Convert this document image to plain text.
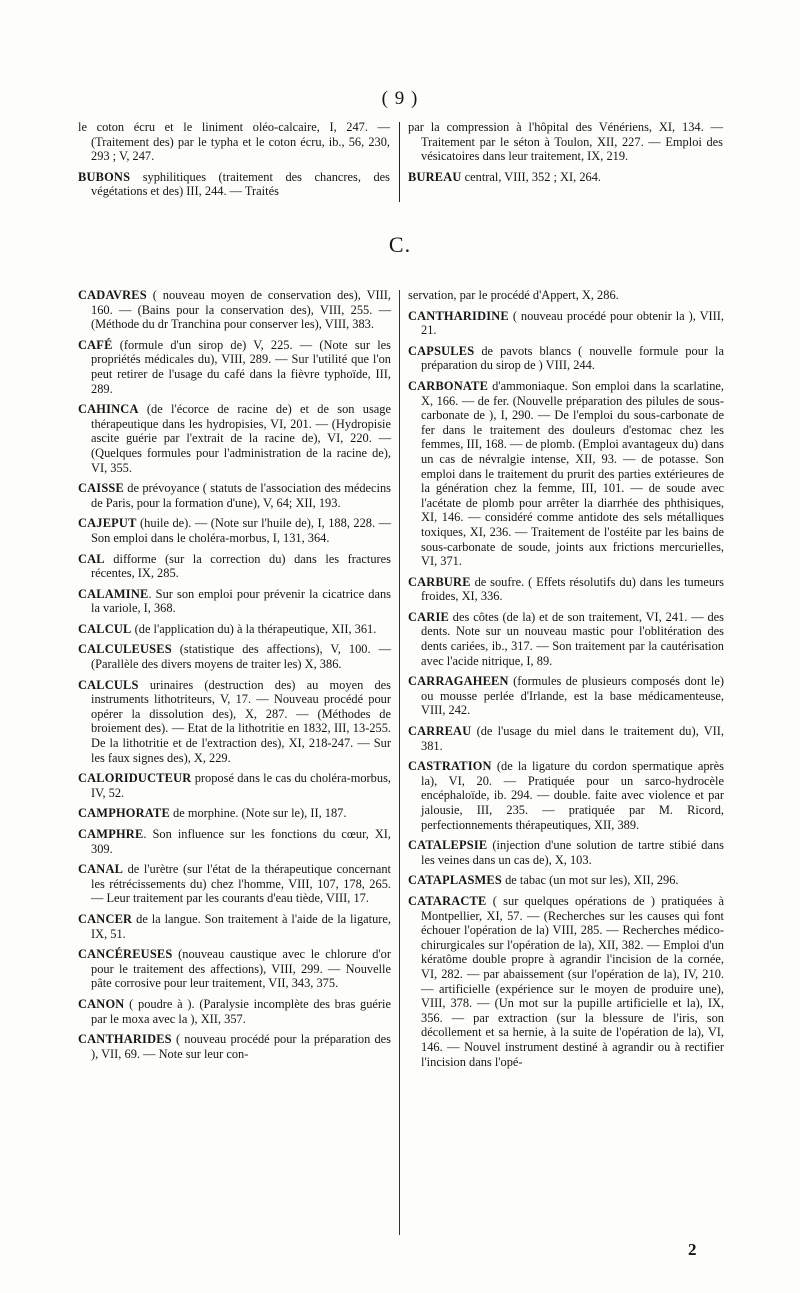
( 9 )

le coton écru et le liniment oléo-calcaire, I, 247. — (Traitement des) par le typha et le coton écru, ib., 56, 230, 293 ; V, 247.

BUBONS syphilitiques (traitement des chancres, des végétations et des) III, 244. — Traités

par la compression à l'hôpital des Vénériens, XI, 134. — Traitement par le séton à Toulon, XII, 227. — Emploi des vésicatoires dans leur traitement, IX, 219.

BUREAU central, VIII, 352 ; XI, 264.

C.

CADAVRES ( nouveau moyen de conservation des), VIII, 160. — (Bains pour la conservation des), VIII, 255. — (Méthode du dr Tranchina pour conserver les), VIII, 383.

CAFÉ (formule d'un sirop de) V, 225. — (Note sur les propriétés médicales du), VIII, 289. — Sur l'utilité que l'on peut retirer de l'usage du café dans la fièvre typhoïde, III, 289.

CAHINCA (de l'écorce de racine de) et de son usage thérapeutique dans les hydropisies, VI, 201. — (Hydropisie ascite guérie par l'extrait de la racine de), VI, 220. — (Quelques formules pour l'administration de la racine de), VI, 355.

CAISSE de prévoyance ( statuts de l'association des médecins de Paris, pour la formation d'une), V, 64; XII, 193.

CAJEPUT (huile de). — (Note sur l'huile de), I, 188, 228. — Son emploi dans le choléra-morbus, I, 131, 364.

CAL difforme (sur la correction du) dans les fractures récentes, IX, 285.

CALAMINE. Sur son emploi pour prévenir la cicatrice dans la variole, I, 368.

CALCUL (de l'application du) à la thérapeutique, XII, 361.

CALCULEUSES (statistique des affections), V, 100. — (Parallèle des divers moyens de traiter les) X, 386.

CALCULS urinaires (destruction des) au moyen des instruments lithotriteurs, V, 17. — Nouveau procédé pour opérer la dissolution des), X, 287. — (Méthodes de broiement des). — Etat de la lithotritie en 1832, III, 13-255. De la lithotritie et de l'extraction des), XI, 218-247. — Sur les faux signes des), X, 229.

CALORIDUCTEUR proposé dans le cas du choléra-morbus, IV, 52.

CAMPHORATE de morphine. (Note sur le), II, 187.

CAMPHRE. Son influence sur les fonctions du cœur, XI, 309.

CANAL de l'urètre (sur l'état de la thérapeutique concernant les rétrécissements du) chez l'homme, VIII, 107, 178, 265. — Leur traitement par les courants d'eau tiède, VIII, 17.

CANCER de la langue. Son traitement à l'aide de la ligature, IX, 51.

CANCÉREUSES (nouveau caustique avec le chlorure d'or pour le traitement des affections), VIII, 299. — Nouvelle pâte corrosive pour leur traitement, VII, 343, 375.

CANON ( poudre à ). (Paralysie incomplète des bras guérie par le moxa avec la ), XII, 357.

CANTHARIDES ( nouveau procédé pour la préparation des ), VII, 69. — Note sur leur con-

servation, par le procédé d'Appert, X, 286.

CANTHARIDINE ( nouveau procédé pour obtenir la ), VIII, 21.

CAPSULES de pavots blancs ( nouvelle formule pour la préparation du sirop de ) VIII, 244.

CARBONATE d'ammoniaque. Son emploi dans la scarlatine, X, 166. — de fer. (Nouvelle préparation des pilules de sous-carbonate de ), I, 290. — De l'emploi du sous-carbonate de fer dans le traitement des douleurs d'estomac chez les femmes, III, 168. — de plomb. (Emploi avantageux du) dans un cas de névralgie intense, XII, 93. — de potasse. Son emploi dans le traitement du prurit des parties extérieures de la génération chez la femme, III, 101. — de soude avec l'acétate de plomb pour arrêter la diarrhée des phthisiques, XI, 146. — considéré comme antidote des sels métalliques toxiques, XI, 236. — Traitement de l'ostéite par les bains de sous-carbonate de soude, joints aux frictions mercurielles, VI, 371.

CARBURE de soufre. ( Effets résolutifs du) dans les tumeurs froides, XI, 336.

CARIE des côtes (de la) et de son traitement, VI, 241. — des dents. Note sur un nouveau mastic pour l'oblitération des dents cariées, ib., 317. — Son traitement par la cautérisation avec l'acide nitrique, I, 89.

CARRAGAHEEN (formules de plusieurs composés dont le) ou mousse perlée d'Irlande, est la base médicamenteuse, VIII, 242.

CARREAU (de l'usage du miel dans le traitement du), VII, 381.

CASTRATION (de la ligature du cordon spermatique après la), VI, 20. — Pratiquée pour un sarco-hydrocèle encéphaloïde, ib. 294. — double. faite avec violence et par jalousie, III, 235. — pratiquée par M. Ricord, perfectionnements thérapeutiques, XII, 389.

CATALEPSIE (injection d'une solution de tartre stibié dans les veines dans un cas de), X, 103.

CATAPLASMES de tabac (un mot sur les), XII, 296.

CATARACTE ( sur quelques opérations de ) pratiquées à Montpellier, XI, 57. — (Recherches sur les causes qui font échouer l'opération de la) VIII, 285. — Recherches médico-chirurgicales sur l'opération de la), XII, 382. — Emploi d'un kératôme double propre à agrandir l'incision de la cornée, VI, 282. — par abaissement (sur l'opération de la), IV, 210. — artificielle (expérience sur le moyen de produire une), VIII, 378. — (Un mot sur la pupille artificielle et la), IX, 356. — par extraction (sur la blessure de l'iris, son décollement et sa hernie, à la suite de l'opération de la), VI, 146. — Nouvel instrument destiné à agrandir ou à rectifier l'incision dans l'opé-

2
